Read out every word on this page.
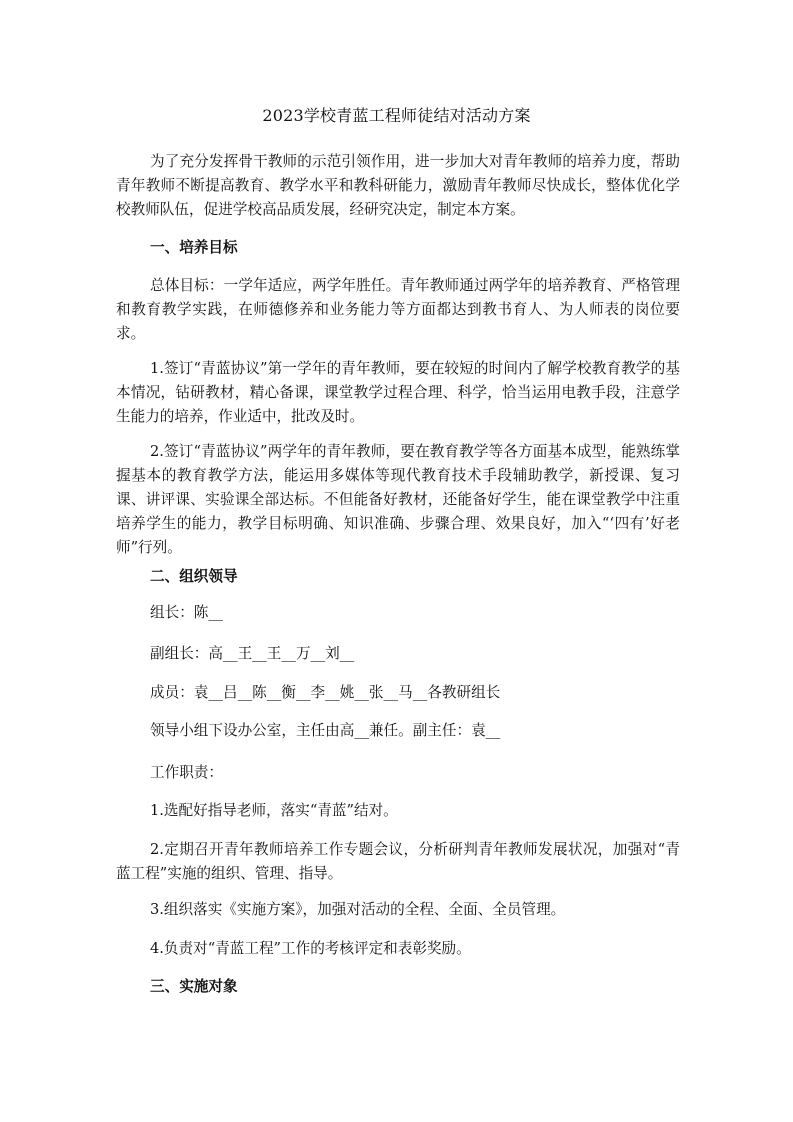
2023学校青蓝工程师徒结对活动方案
为了充分发挥骨干教师的示范引领作用，进一步加大对青年教师的培养力度，帮助青年教师不断提高教育、教学水平和教科研能力，激励青年教师尽快成长，整体优化学校教师队伍，促进学校高品质发展，经研究决定，制定本方案。
一、培养目标
总体目标：一学年适应，两学年胜任。青年教师通过两学年的培养教育、严格管理和教育教学实践，在师德修养和业务能力等方面都达到教书育人、为人师表的岗位要求。
1.签订“青蓝协议”第一学年的青年教师，要在较短的时间内了解学校教育教学的基本情况，钻研教材，精心备课，课堂教学过程合理、科学，恰当运用电教手段，注意学生能力的培养，作业适中，批改及时。
2.签订“青蓝协议”两学年的青年教师，要在教育教学等各方面基本成型，能熟练掌握基本的教育教学方法，能运用多媒体等现代教育技术手段辅助教学，新授课、复习课、讲评课、实验课全部达标。不但能备好教材，还能备好学生，能在课堂教学中注重培养学生的能力，教学目标明确、知识准确、步骤合理、效果良好，加入“‘四有’好老师”行列。
二、组织领导
组长：陈__
副组长：高__王__王__万__刘__
成员：袁__吕__陈__衡__李__姚__张__马__各教研组长
领导小组下设办公室，主任由高__兼任。副主任：袁__
工作职责：
1.选配好指导老师，落实“青蓝”结对。
2.定期召开青年教师培养工作专题会议，分析研判青年教师发展状况，加强对“青蓝工程”实施的组织、管理、指导。
3.组织落实《实施方案》，加强对活动的全程、全面、全员管理。
4.负责对“青蓝工程”工作的考核评定和表彰奖励。
三、实施对象
